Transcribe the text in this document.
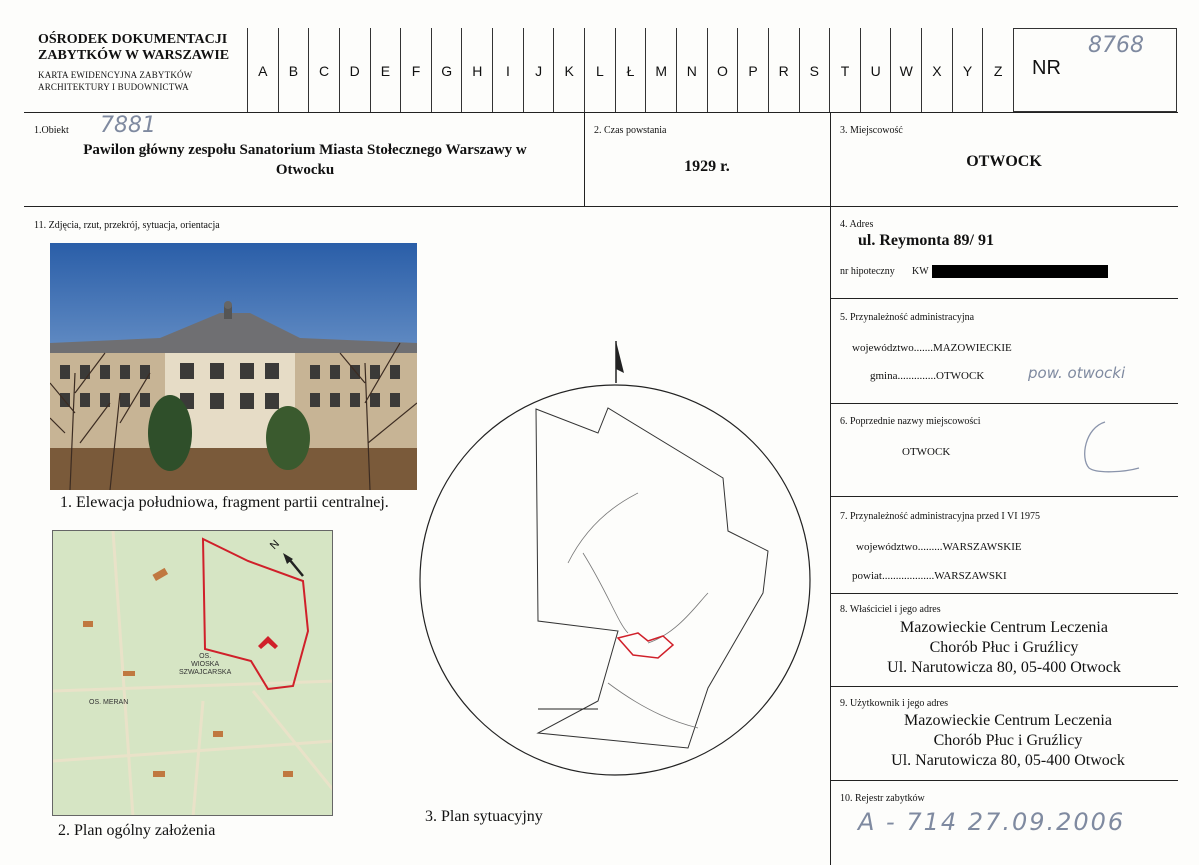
OŚRODEK DOKUMENTACJI
ZABYTKÓW W WARSZAWIE
KARTA EWIDENCYJNA ZABYTKÓW
ARCHITEKTURY I BUDOWNICTWA
A	B	C	D	E	F	G	H	I	J	K	L	Ł	M	N	O	P	R	S	T	U	W	X	Y	Z	NR
8768
1.Obiekt 7881
Pawilon główny zespołu Sanatorium Miasta Stołecznego Warszawy w
Otwocku
2. Czas powstania
1929 r.
3. Miejscowość
OTWOCK
11. Zdjęcia, rzut, przekrój, sytuacja, orientacja
1. Elewacja południowa, fragment partii centralnej.
N
OS.
WIOSKA
SZWAJCARSKA
OS. MERAN
2. Plan ogólny założenia
3. Plan sytuacyjny
4. Adres
ul. Reymonta 89/ 91
nr hipoteczny KW
5. Przynależność administracyjna
województwo.......MAZOWIECKIE
gmina..............OTWOCK	pow. otwocki
6. Poprzednie nazwy miejscowości
OTWOCK
7. Przynależność administracyjna przed I VI 1975
województwo.........WARSZAWSKIE
powiat...................WARSZAWSKI
8. Właściciel i jego adres
Mazowieckie Centrum Leczenia
Chorób Płuc i Gruźlicy
Ul. Narutowicza 80, 05-400 Otwock
9. Użytkownik i jego adres
Mazowieckie Centrum Leczenia
Chorób Płuc i Gruźlicy
Ul. Narutowicza 80, 05-400 Otwock
10. Rejestr zabytków
A - 714 27.09.2006
